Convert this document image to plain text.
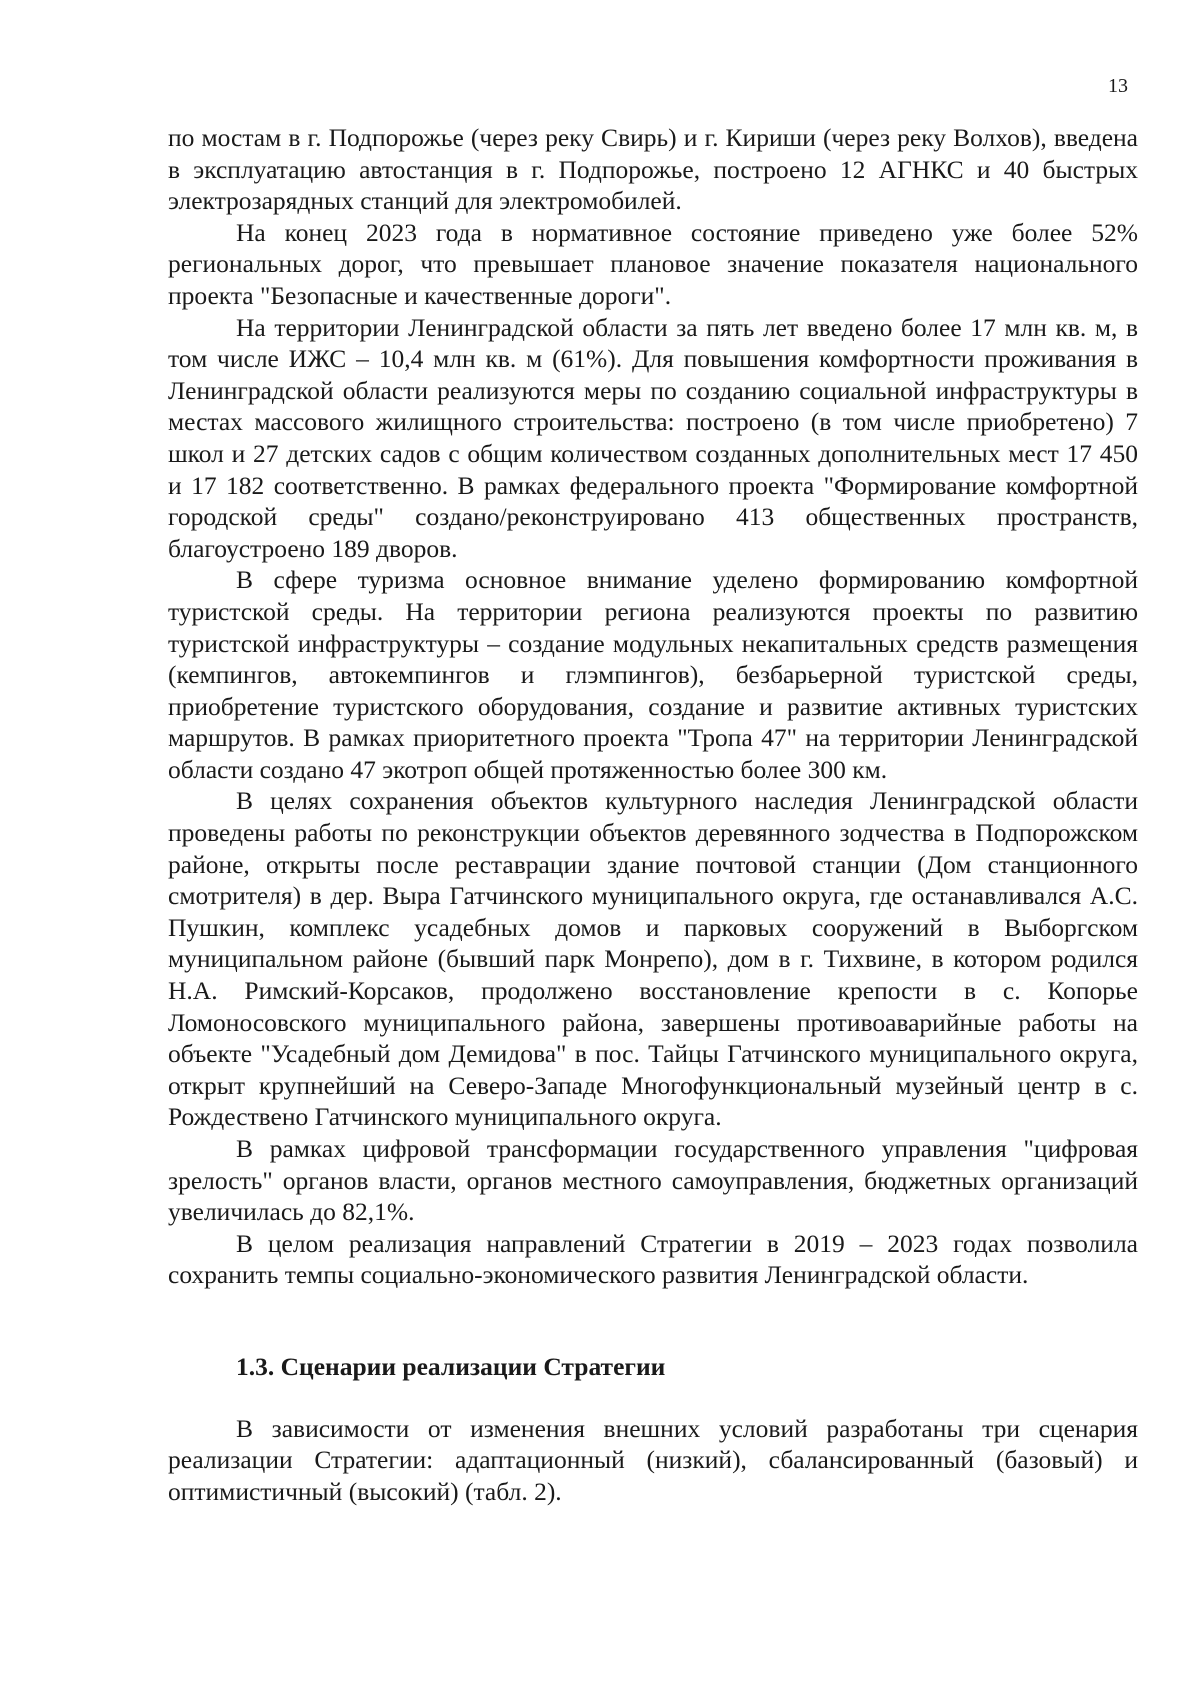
13

по мостам в г. Подпорожье (через реку Свирь) и г. Кириши (через реку Волхов), введена в эксплуатацию автостанция в г. Подпорожье, построено 12 АГНКС и 40 быстрых электрозарядных станций для электромобилей.

На конец 2023 года в нормативное состояние приведено уже более 52% региональных дорог, что превышает плановое значение показателя национального проекта "Безопасные и качественные дороги".

На территории Ленинградской области за пять лет введено более 17 млн кв. м, в том числе ИЖС – 10,4 млн кв. м (61%). Для повышения комфортности проживания в Ленинградской области реализуются меры по созданию социальной инфраструктуры в местах массового жилищного строительства: построено (в том числе приобретено) 7 школ и 27 детских садов с общим количеством созданных дополнительных мест 17 450 и 17 182 соответственно. В рамках федерального проекта "Формирование комфортной городской среды" создано/реконструировано 413 общественных пространств, благоустроено 189 дворов.

В сфере туризма основное внимание уделено формированию комфортной туристской среды. На территории региона реализуются проекты по развитию туристской инфраструктуры – создание модульных некапитальных средств размещения (кемпингов, автокемпингов и глэмпингов), безбарьерной туристской среды, приобретение туристского оборудования, создание и развитие активных туристских маршрутов. В рамках приоритетного проекта "Тропа 47" на территории Ленинградской области создано 47 экотроп общей протяженностью более 300 км.

В целях сохранения объектов культурного наследия Ленинградской области проведены работы по реконструкции объектов деревянного зодчества в Подпорожском районе, открыты после реставрации здание почтовой станции (Дом станционного смотрителя) в дер. Выра Гатчинского муниципального округа, где останавливался А.С. Пушкин, комплекс усадебных домов и парковых сооружений в Выборгском муниципальном районе (бывший парк Монрепо), дом в г. Тихвине, в котором родился Н.А. Римский-Корсаков, продолжено восстановление крепости в с. Копорье Ломоносовского муниципального района, завершены противоаварийные работы на объекте "Усадебный дом Демидова" в пос. Тайцы Гатчинского муниципального округа, открыт крупнейший на Северо-Западе Многофункциональный музейный центр в с. Рождествено Гатчинского муниципального округа.

В рамках цифровой трансформации государственного управления "цифровая зрелость" органов власти, органов местного самоуправления, бюджетных организаций увеличилась до 82,1%.

В целом реализация направлений Стратегии в 2019 – 2023 годах позволила сохранить темпы социально-экономического развития Ленинградской области.

1.3. Сценарии реализации Стратегии

В зависимости от изменения внешних условий разработаны три сценария реализации Стратегии: адаптационный (низкий), сбалансированный (базовый) и оптимистичный (высокий) (табл. 2).
